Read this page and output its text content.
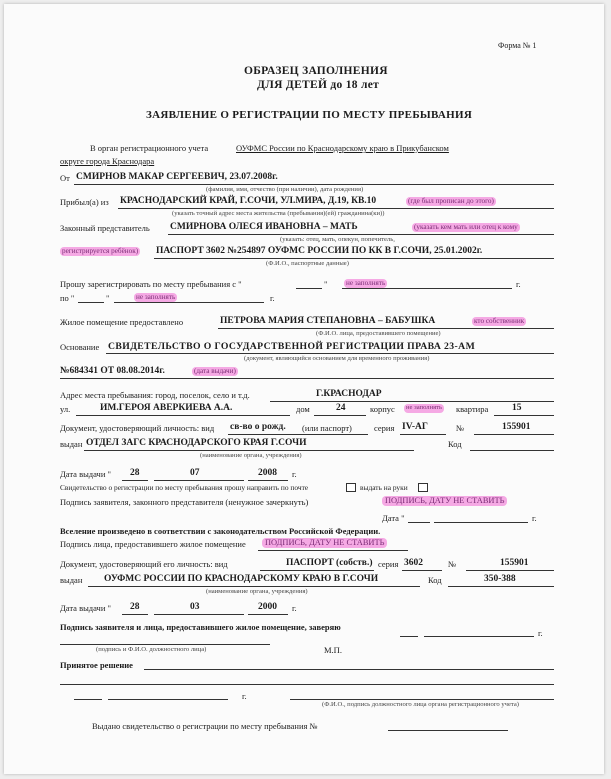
Форма № 1
ОБРАЗЕЦ ЗАПОЛНЕНИЯ
ДЛЯ ДЕТЕЙ до 18 лет
ЗАЯВЛЕНИЕ О РЕГИСТРАЦИИ ПО МЕСТУ ПРЕБЫВАНИЯ
В орган регистрационного учета	ОУФМС России по Краснодарскому краю в Прикубанском
округе города Краснодара
От СМИРНОВ МАКАР СЕРГЕЕВИЧ, 23.07.2008г.
(фамилия, имя, отчество (при наличии), дата рождения)
Прибыл(а) из КРАСНОДАРСКИЙ КРАЙ, Г.СОЧИ, УЛ.МИРА, Д.19, КВ.10	(где был прописан до этого)
(указать точный адрес места жительства (пребывания)(ей) гражданина(ки))
Законный представитель СМИРНОВА ОЛЕСЯ ИВАНОВНА – МАТЬ	(указать кем мать или отец к кому
(указать: отец, мать, опекун, попечитель,
регистрируется ребёнок) ПАСПОРТ 3602 №254897 ОУФМС РОССИИ ПО КК В Г.СОЧИ, 25.01.2002г.
(Ф.И.О., паспортные данные)
Прошу зарегистрировать по месту пребывания с "	"	не заполнять	г.
по "	"	не заполнять	г.
Жилое помещение предоставлено	ПЕТРОВА МАРИЯ СТЕПАНОВНА – БАБУШКА	кто собственник
(Ф.И.О. лица, предоставившего помещение)
Основание СВИДЕТЕЛЬСТВО О ГОСУДАРСТВЕННОЙ РЕГИСТРАЦИИ ПРАВА 23-АМ
(документ, являющийся основанием для временного проживания)
№684341 ОТ 08.08.2014г.	(дата выдачи)
Адрес места пребывания: город, поселок, село и т.д.	Г.КРАСНОДАР
ул.	ИМ.ГЕРОЯ АВЕРКИЕВА А.А.	дом	24	корпус	не заполнять квартира	15
Документ, удостоверяющий личность: вид св-во о рожд. (или паспорт)	серия IV-АГ	№	155901
выдан ОТДЕЛ ЗАГС КРАСНОДАРСКОГО КРАЯ Г.СОЧИ	Код
(наименование органа, учреждения)
Дата выдачи " 28	07	2008 г.
Свидетельство о регистрации по месту пребывания прошу направить по почте	выдать на руки
Подпись заявителя, законного представителя (ненужное зачеркнуть)	ПОДПИСЬ, ДАТУ НЕ СТАВИТЬ
Дата "	г.
Вселение произведено в соответствии с законодательством Российской Федерации.
Подпись лица, предоставившего жилое помещение	ПОДПИСЬ, ДАТУ НЕ СТАВИТЬ
Документ, удостоверяющий его личность: вид	ПАСПОРТ (собств.) серия 3602	№	155901
выдан ОУФМС РОССИИ ПО КРАСНОДАРСКОМУ КРАЮ В Г.СОЧИ	Код	350-388
(наименование органа, учреждения)
Дата выдачи " 28	03	2000 г.
Подпись заявителя и лица, предоставившего жилое помещение, заверяю
(подпись и Ф.И.О. должностного лица)	М.П.
г.
Принятое решение
г.
(Ф.И.О., подпись должностного лица органа регистрационного учета)
Выдано свидетельство о регистрации по месту пребывания №
